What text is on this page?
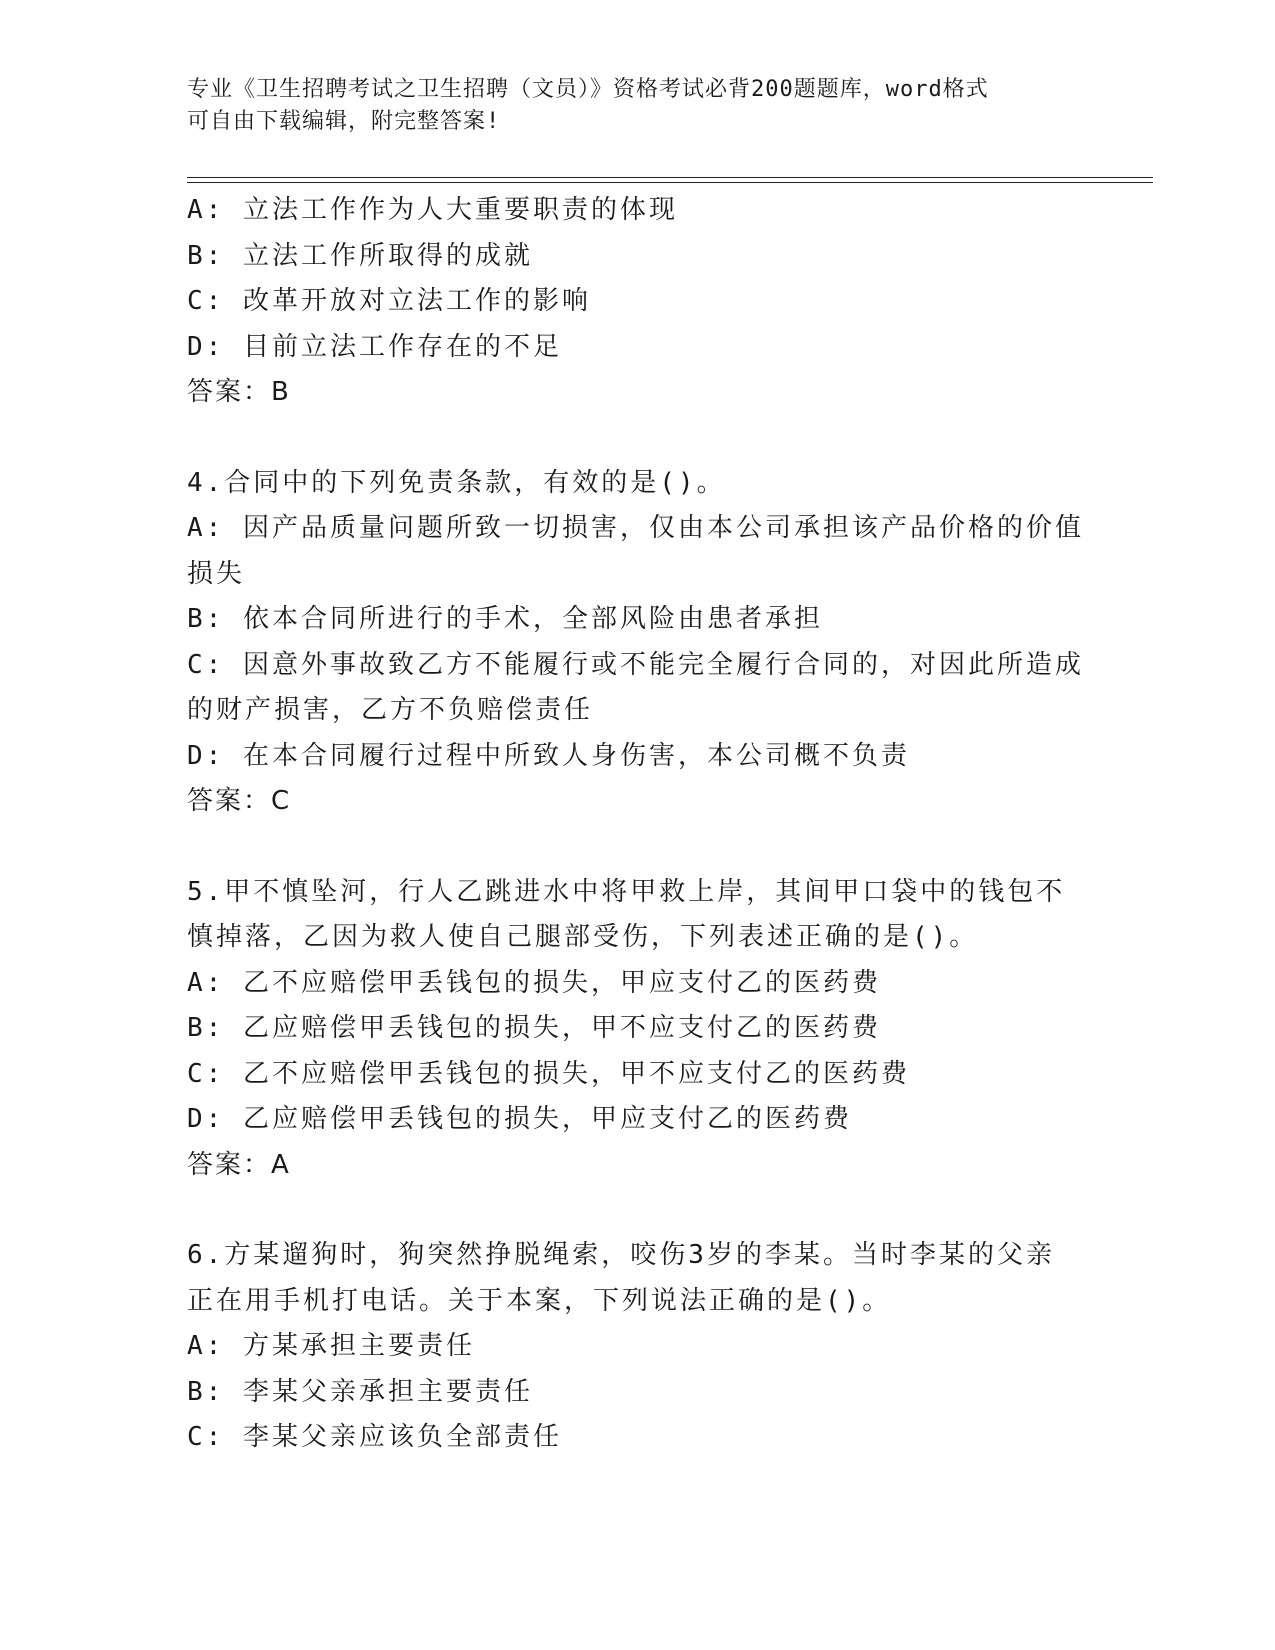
专业《卫生招聘考试之卫生招聘（文员）》资格考试必背200题题库，word格式
可自由下载编辑，附完整答案!
A: 立法工作作为人大重要职责的体现
B: 立法工作所取得的成就
C: 改革开放对立法工作的影响
D: 目前立法工作存在的不足
答案：B
4.合同中的下列免责条款，有效的是()。
A: 因产品质量问题所致一切损害，仅由本公司承担该产品价格的价值
损失
B: 依本合同所进行的手术，全部风险由患者承担
C: 因意外事故致乙方不能履行或不能完全履行合同的，对因此所造成
的财产损害，乙方不负赔偿责任
D: 在本合同履行过程中所致人身伤害，本公司概不负责
答案：C
5.甲不慎坠河，行人乙跳进水中将甲救上岸，其间甲口袋中的钱包不
慎掉落，乙因为救人使自己腿部受伤，下列表述正确的是()。
A: 乙不应赔偿甲丢钱包的损失，甲应支付乙的医药费
B: 乙应赔偿甲丢钱包的损失，甲不应支付乙的医药费
C: 乙不应赔偿甲丢钱包的损失，甲不应支付乙的医药费
D: 乙应赔偿甲丢钱包的损失，甲应支付乙的医药费
答案：A
6.方某遛狗时，狗突然挣脱绳索，咬伤3岁的李某。当时李某的父亲
正在用手机打电话。关于本案，下列说法正确的是()。
A: 方某承担主要责任
B: 李某父亲承担主要责任
C: 李某父亲应该负全部责任
